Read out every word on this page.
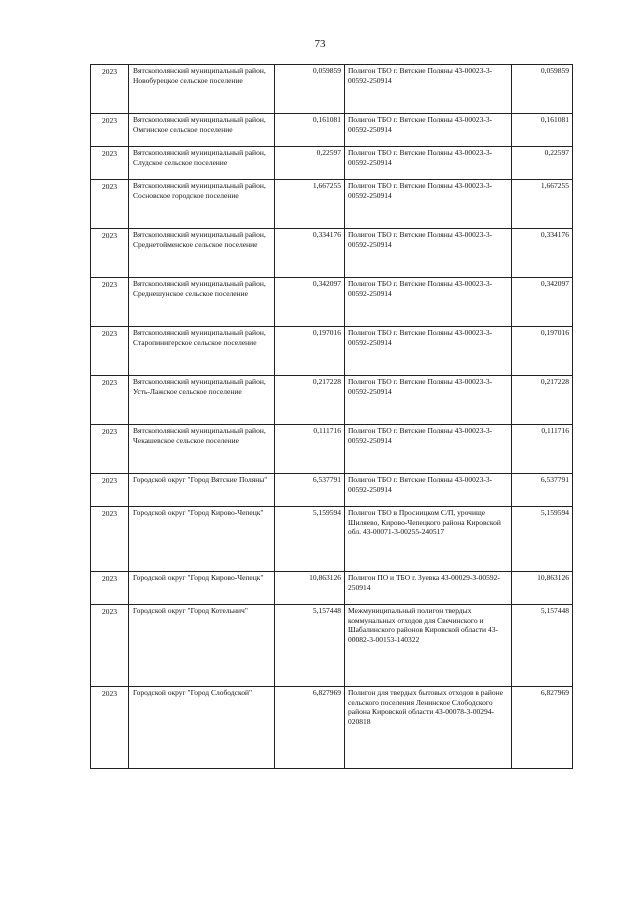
73
2023	Вятскополянский муниципальный район, Новобурецкое сельское поселение	0,059859	Полигон ТБО г. Вятские Поляны 43-00023-3-00592-250914	0,059859
2023	Вятскополянский муниципальный район, Омгинское сельское поселение	0,161081	Полигон ТБО г. Вятские Поляны 43-00023-3-00592-250914	0,161081
2023	Вятскополянский муниципальный район, Слудское сельское поселение	0,22597	Полигон ТБО г. Вятские Поляны 43-00023-3-00592-250914	0,22597
2023	Вятскополянский муниципальный район, Сосновское городское поселение	1,667255	Полигон ТБО г. Вятские Поляны 43-00023-3-00592-250914	1,667255
2023	Вятскополянский муниципальный район, Среднетойменское сельское поселение	0,334176	Полигон ТБО г. Вятские Поляны 43-00023-3-00592-250914	0,334176
2023	Вятскополянский муниципальный район, Среднешунское сельское поселение	0,342097	Полигон ТБО г. Вятские Поляны 43-00023-3-00592-250914	0,342097
2023	Вятскополянский муниципальный район, Старопинигерское сельское поселение	0,197016	Полигон ТБО г. Вятские Поляны 43-00023-3-00592-250914	0,197016
2023	Вятскополянский муниципальный район, Усть-Лажское сельское поселение	0,217228	Полигон ТБО г. Вятские Поляны 43-00023-3-00592-250914	0,217228
2023	Вятскополянский муниципальный район, Чекашевское сельское поселение	0,111716	Полигон ТБО г. Вятские Поляны 43-00023-3-00592-250914	0,111716
2023	Городской округ "Город Вятские Поляны"	6,537791	Полигон ТБО г. Вятские Поляны 43-00023-3-00592-250914	6,537791
2023	Городской округ "Город Кирово-Чепецк"	5,159594	Полигон ТБО в Просницком С/П, урочище Шиляево, Кирово-Чепецкого района Кировской обл. 43-00071-3-00255-240517	5,159594
2023	Городской округ "Город Кирово-Чепецк"	10,863126	Полигон ПО и ТБО г. Зуевка 43-00029-З-00592-250914	10,863126
2023	Городской округ "Город Котельнич"	5,157448	Межмуниципальный полигон твердых коммунальных отходов для Свечинского и Шабалинского районов Кировской области 43-00082-3-00153-140322	5,157448
2023	Городской округ "Город Слободской"	6,827969	Полигон для твердых бытовых отходов в районе сельского поселения Ленинское Слободского района Кировской области 43-00078-3-00294-020818	6,827969
